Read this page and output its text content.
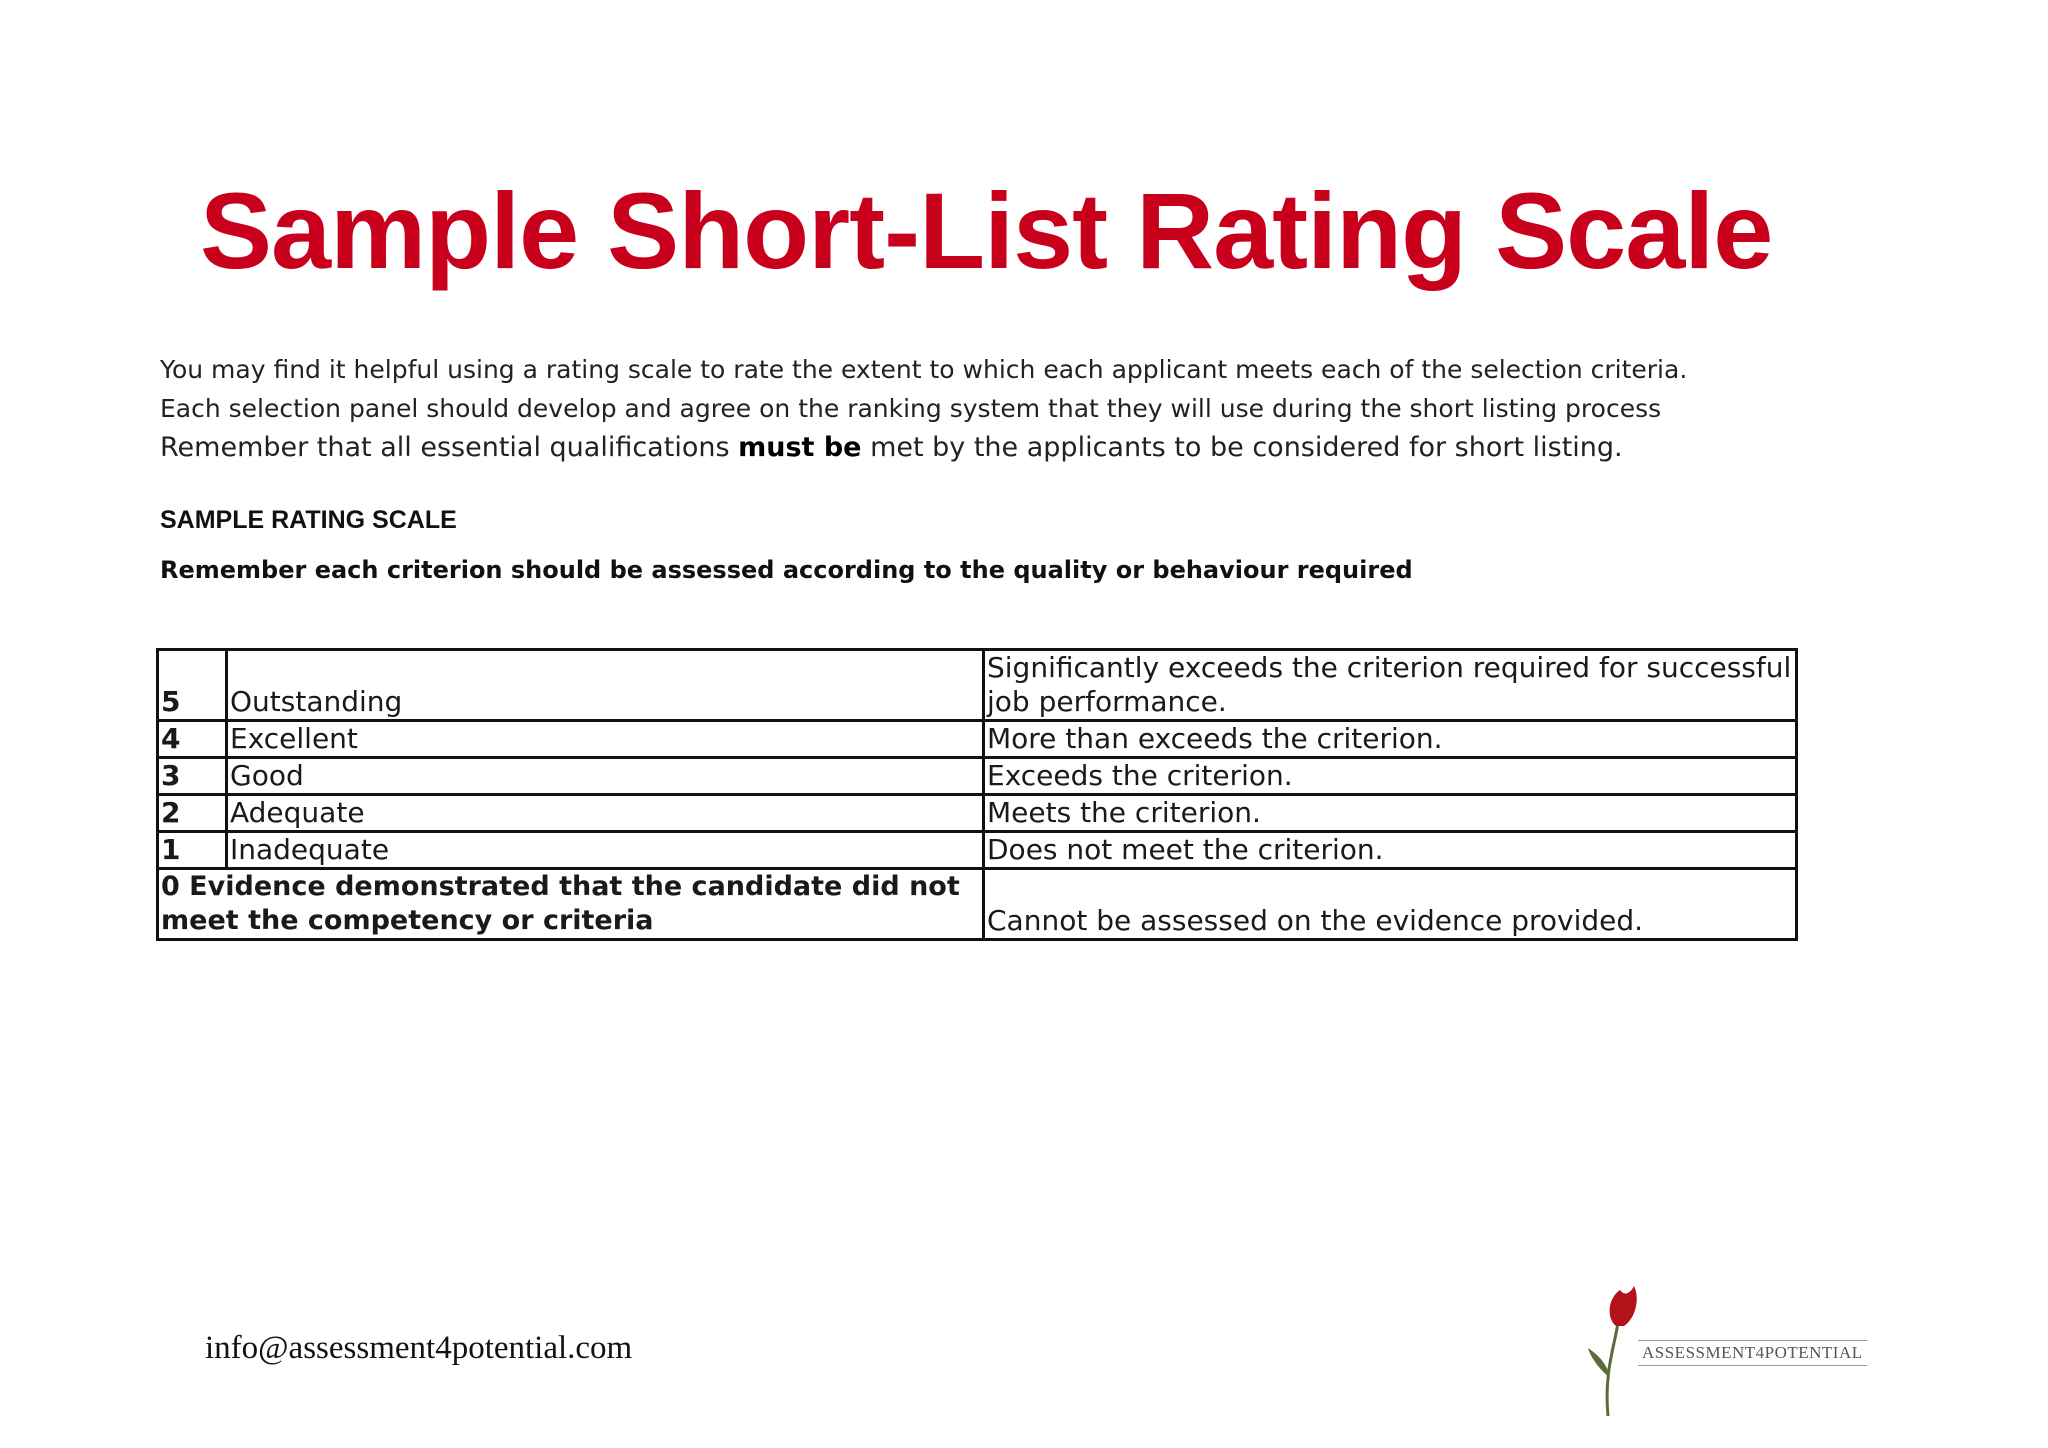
Sample Short-List Rating Scale

You may find it helpful using a rating scale to rate the extent to which each applicant meets each of the selection criteria.

Each selection panel should develop and agree on the ranking system that they will use during the short listing process

Remember that all essential qualifications must be met by the applicants to be considered for short listing.

SAMPLE RATING SCALE
Remember each criterion should be assessed according to the quality or behaviour required
5	Outstanding	Significantly exceeds the criterion required for successful job performance.
4	Excellent	More than exceeds the criterion.
3	Good	Exceeds the criterion.
2	Adequate	Meets the criterion.
1	Inadequate	Does not meet the criterion.
0 Evidence demonstrated that the candidate did not meet the competency or criteria		Cannot be assessed on the evidence provided.
info@assessment4potential.com	ASSESSMENT4POTENTIAL
